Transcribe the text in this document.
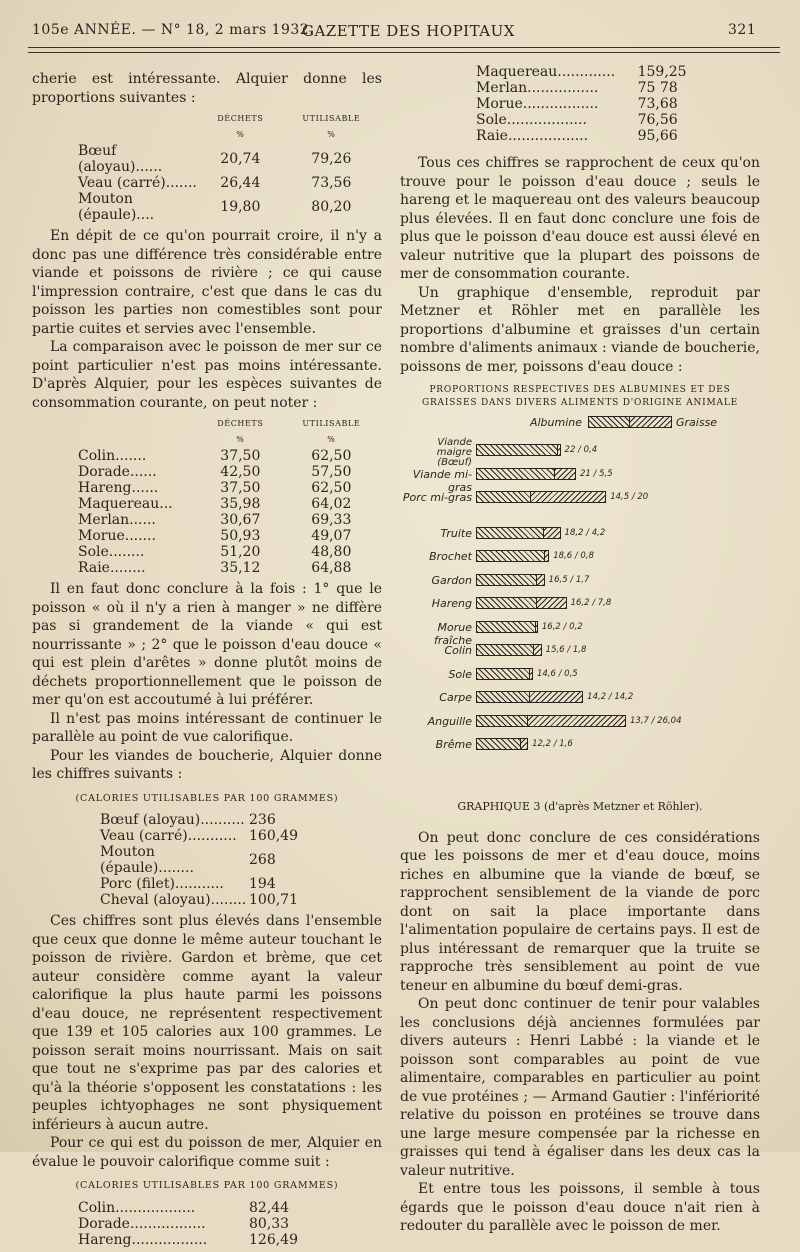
105e ANNÉE. — N° 18, 2 mars 1932.
GAZETTE DES HOPITAUX	321

cherie est intéressante. Alquier donne les proportions suivantes :

	DÉCHETS
%	UTILISABLE
%
Bœuf (aloyau)......	20,74	79,26
Veau (carré).......	26,44	73,56
Mouton (épaule)....	19,80	80,20

En dépit de ce qu'on pourrait croire, il n'y a donc pas une différence très considérable entre viande et poissons de rivière ; ce qui cause l'impression contraire, c'est que dans le cas du poisson les parties non comestibles sont pour partie cuites et servies avec l'ensemble.

La comparaison avec le poisson de mer sur ce point particulier n'est pas moins intéressante. D'après Alquier, pour les espèces suivantes de consommation courante, on peut noter :

	DÉCHETS
%	UTILISABLE
%
Colin.......	37,50	62,50
Dorade......	42,50	57,50
Hareng......	37,50	62,50
Maquereau...	35,98	64,02
Merlan......	30,67	69,33
Morue.......	50,93	49,07
Sole........	51,20	48,80
Raie........	35,12	64,88

Il en faut donc conclure à la fois : 1° que le poisson « où il n'y a rien à manger » ne diffère pas si grandement de la viande « qui est nourrissante » ; 2° que le poisson d'eau douce « qui est plein d'arêtes » donne plutôt moins de déchets proportionnellement que le poisson de mer qu'on est accoutumé à lui préférer.

Il n'est pas moins intéressant de continuer le parallèle au point de vue calorifique.

Pour les viandes de boucherie, Alquier donne les chiffres suivants :

(CALORIES UTILISABLES PAR 100 GRAMMES)
Bœuf (aloyau)..........	236
Veau (carré)...........	160,49
Mouton (épaule)........	268
Porc (filet)...........	194
Cheval (aloyau)........	100,71

Ces chiffres sont plus élevés dans l'ensemble que ceux que donne le même auteur touchant le poisson de rivière. Gardon et brème, que cet auteur considère comme ayant la valeur calorifique la plus haute parmi les poissons d'eau douce, ne représentent respectivement que 139 et 105 calories aux 100 grammes. Le poisson serait moins nourrissant. Mais on sait que tout ne s'exprime pas par des calories et qu'à la théorie s'opposent les constatations : les peuples ichtyophages ne sont physiquement inférieurs à aucun autre.

Pour ce qui est du poisson de mer, Alquier en évalue le pouvoir calorifique comme suit :

(CALORIES UTILISABLES PAR 100 GRAMMES)
Colin..................	82,44
Dorade.................	80,33
Hareng.................	126,49
Maquereau.............	159,25
Merlan................	75 78
Morue.................	73,68
Sole..................	76,56
Raie..................	95,66

Tous ces chiffres se rapprochent de ceux qu'on trouve pour le poisson d'eau douce ; seuls le hareng et le maquereau ont des valeurs beaucoup plus élevées. Il en faut donc conclure une fois de plus que le poisson d'eau douce est aussi élevé en valeur nutritive que la plupart des poissons de mer de consommation courante.

Un graphique d'ensemble, reproduit par Metzner et Röhler met en parallèle les proportions d'albumine et graisses d'un certain nombre d'aliments animaux : viande de boucherie, poissons de mer, poissons d'eau douce :

PROPORTIONS RESPECTIVES DES ALBUMINES ET DES GRAISSES DANS DIVERS ALIMENTS D'ORIGINE ANIMALE
Albumine	Graisse
Viande maigre (Bœuf)
22 / 0,4
Viande mi-gras
21 / 5,5
Porc mi-gras	14,5 / 20
Truite	18,2 / 4,2
Brochet	18,6 / 0,8
Gardon	16,5 / 1,7
Hareng	16,2 / 7,8
Morue fraîche
16,2 / 0,2
Colin	15,6 / 1,8
Sole	14,6 / 0,5
Carpe	14,2 / 14,2
Anguille	13,7 / 26,04
Brême	12,2 / 1,6
GRAPHIQUE 3 (d'après Metzner et Röhler).

On peut donc conclure de ces considérations que les poissons de mer et d'eau douce, moins riches en albumine que la viande de bœuf, se rapprochent sensiblement de la viande de porc dont on sait la place importante dans l'alimentation populaire de certains pays. Il est de plus intéressant de remarquer que la truite se rapproche très sensiblement au point de vue teneur en albumine du bœuf demi-gras.

On peut donc continuer de tenir pour valables les conclusions déjà anciennes formulées par divers auteurs : Henri Labbé : la viande et le poisson sont comparables au point de vue alimentaire, comparables en particulier au point de vue protéines ; — Armand Gautier : l'infériorité relative du poisson en protéines se trouve dans une large mesure compensée par la richesse en graisses qui tend à égaliser dans les deux cas la valeur nutritive.

Et entre tous les poissons, il semble à tous égards que le poisson d'eau douce n'ait rien à redouter du parallèle avec le poisson de mer.
